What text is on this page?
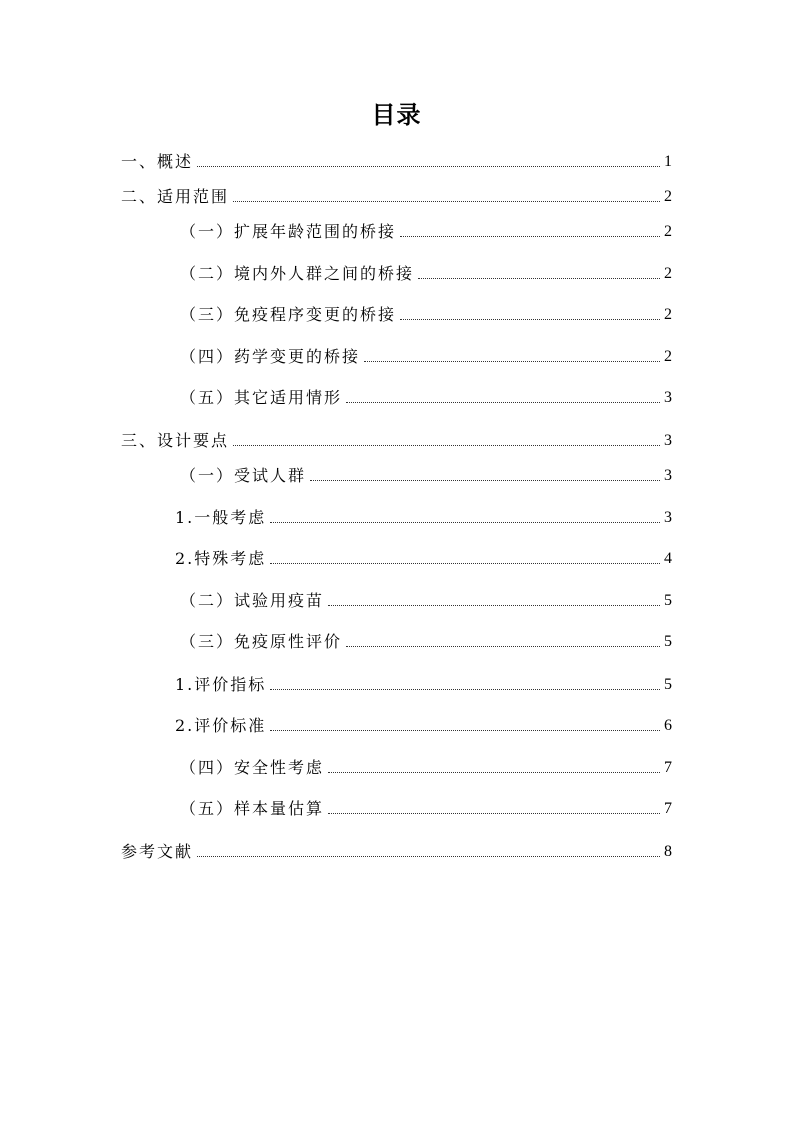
目录
一、概述	1
二、适用范围	2
（一）扩展年龄范围的桥接	2
（二）境内外人群之间的桥接	2
（三）免疫程序变更的桥接	2
（四）药学变更的桥接	2
（五）其它适用情形	3
三、设计要点	3
（一）受试人群	3
1.一般考虑	3
2.特殊考虑	4
（二）试验用疫苗	5
（三）免疫原性评价	5
1.评价指标	5
2.评价标准	6
（四）安全性考虑	7
（五）样本量估算	7
参考文献	8
